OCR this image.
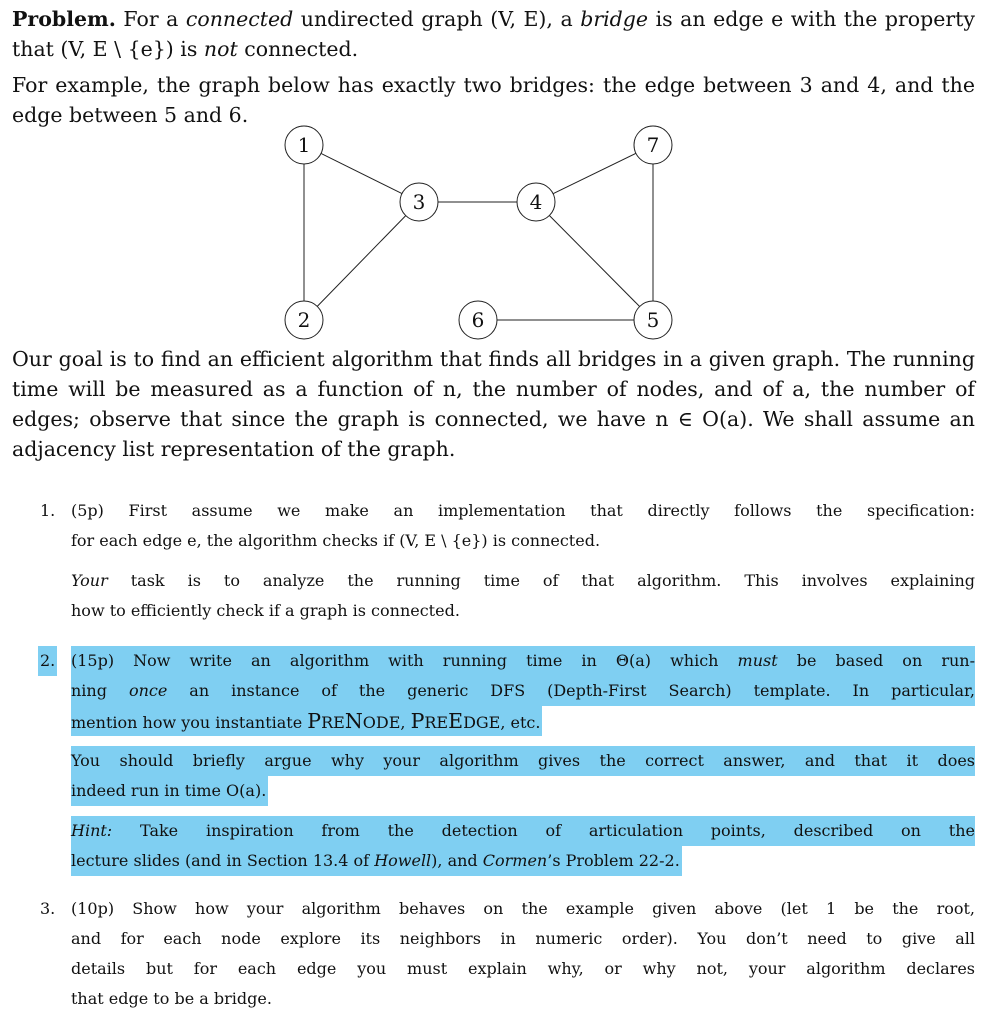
Problem. For a connected undirected graph (V, E), a bridge is an edge e with the property
that (V, E \ {e}) is not connected.
For example, the graph below has exactly two bridges: the edge between 3 and 4, and the
edge between 5 and 6.
1
2
3	4
5
6
7
Our goal is to find an efficient algorithm that finds all bridges in a given graph. The running
time will be measured as a function of n, the number of nodes, and of a, the number of
edges; observe that since the graph is connected, we have n ∈ O(a). We shall assume an
adjacency list representation of the graph.
1. (5p) First assume we make an implementation that directly follows the specification:
for each edge e, the algorithm checks if (V, E \ {e}) is connected.
Your task is to analyze the running time of that algorithm. This involves explaining
how to efficiently check if a graph is connected.
2. (15p) Now write an algorithm with running time in Θ(a) which must be based on run-
ning once an instance of the generic DFS (Depth-First Search) template. In particular,
mention how you instantiate PRENODE, PREEDGE, etc.
You should briefly argue why your algorithm gives the correct answer, and that it does
indeed run in time O(a).
Hint: Take inspiration from the detection of articulation points, described on the
lecture slides (and in Section 13.4 of Howell), and Cormen’s Problem 22-2.
3. (10p) Show how your algorithm behaves on the example given above (let 1 be the root,
and for each node explore its neighbors in numeric order). You don’t need to give all
details but for each edge you must explain why, or why not, your algorithm declares
that edge to be a bridge.
